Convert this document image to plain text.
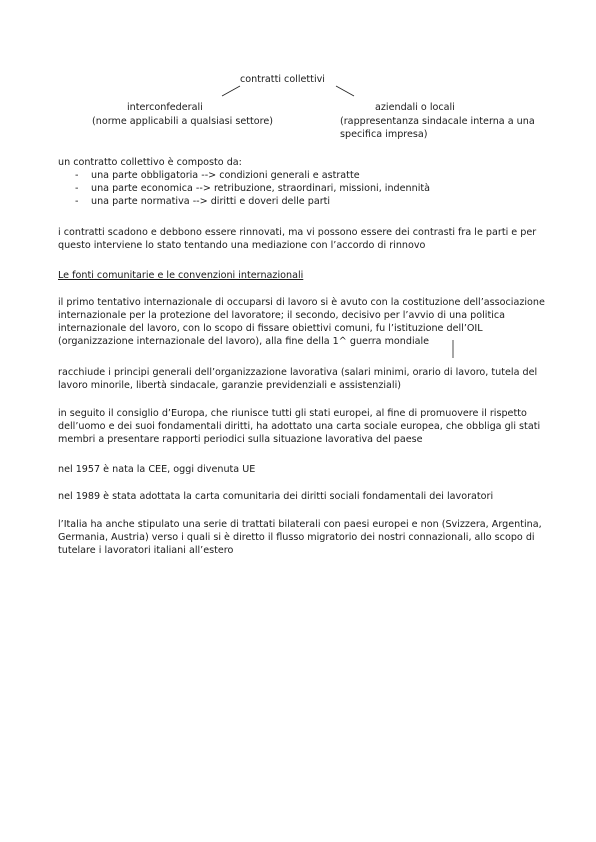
contratti collettivi
interconfederali
(norme applicabili a qualsiasi settore)
aziendali o locali
(rappresentanza sindacale interna a una
specifica impresa)
un contratto collettivo è composto da:
- una parte obbligatoria --> condizioni generali e astratte
- una parte economica --> retribuzione, straordinari, missioni, indennità
- una parte normativa --> diritti e doveri delle parti

i contratti scadono e debbono essere rinnovati, ma vi possono essere dei contrasti fra le parti e per

questo interviene lo stato tentando una mediazione con l’accordo di rinnovo

Le fonti comunitarie e le convenzioni internazionali

il primo tentativo internazionale di occuparsi di lavoro si è avuto con la costituzione dell’associazione

internazionale per la protezione del lavoratore; il secondo, decisivo per l’avvio di una politica

internazionale del lavoro, con lo scopo di fissare obiettivi comuni, fu l’istituzione dell’OIL

(organizzazione internazionale del lavoro), alla fine della 1^ guerra mondiale

racchiude i principi generali dell’organizzazione lavorativa (salari minimi, orario di lavoro, tutela del

lavoro minorile, libertà sindacale, garanzie previdenziali e assistenziali)

in seguito il consiglio d’Europa, che riunisce tutti gli stati europei, al fine di promuovere il rispetto

dell’uomo e dei suoi fondamentali diritti, ha adottato una carta sociale europea, che obbliga gli stati

membri a presentare rapporti periodici sulla situazione lavorativa del paese

nel 1957 è nata la CEE, oggi divenuta UE
nel 1989 è stata adottata la carta comunitaria dei diritti sociali fondamentali dei lavoratori

l’Italia ha anche stipulato una serie di trattati bilaterali con paesi europei e non (Svizzera, Argentina,

Germania, Austria) verso i quali si è diretto il flusso migratorio dei nostri connazionali, allo scopo di

tutelare i lavoratori italiani all’estero
